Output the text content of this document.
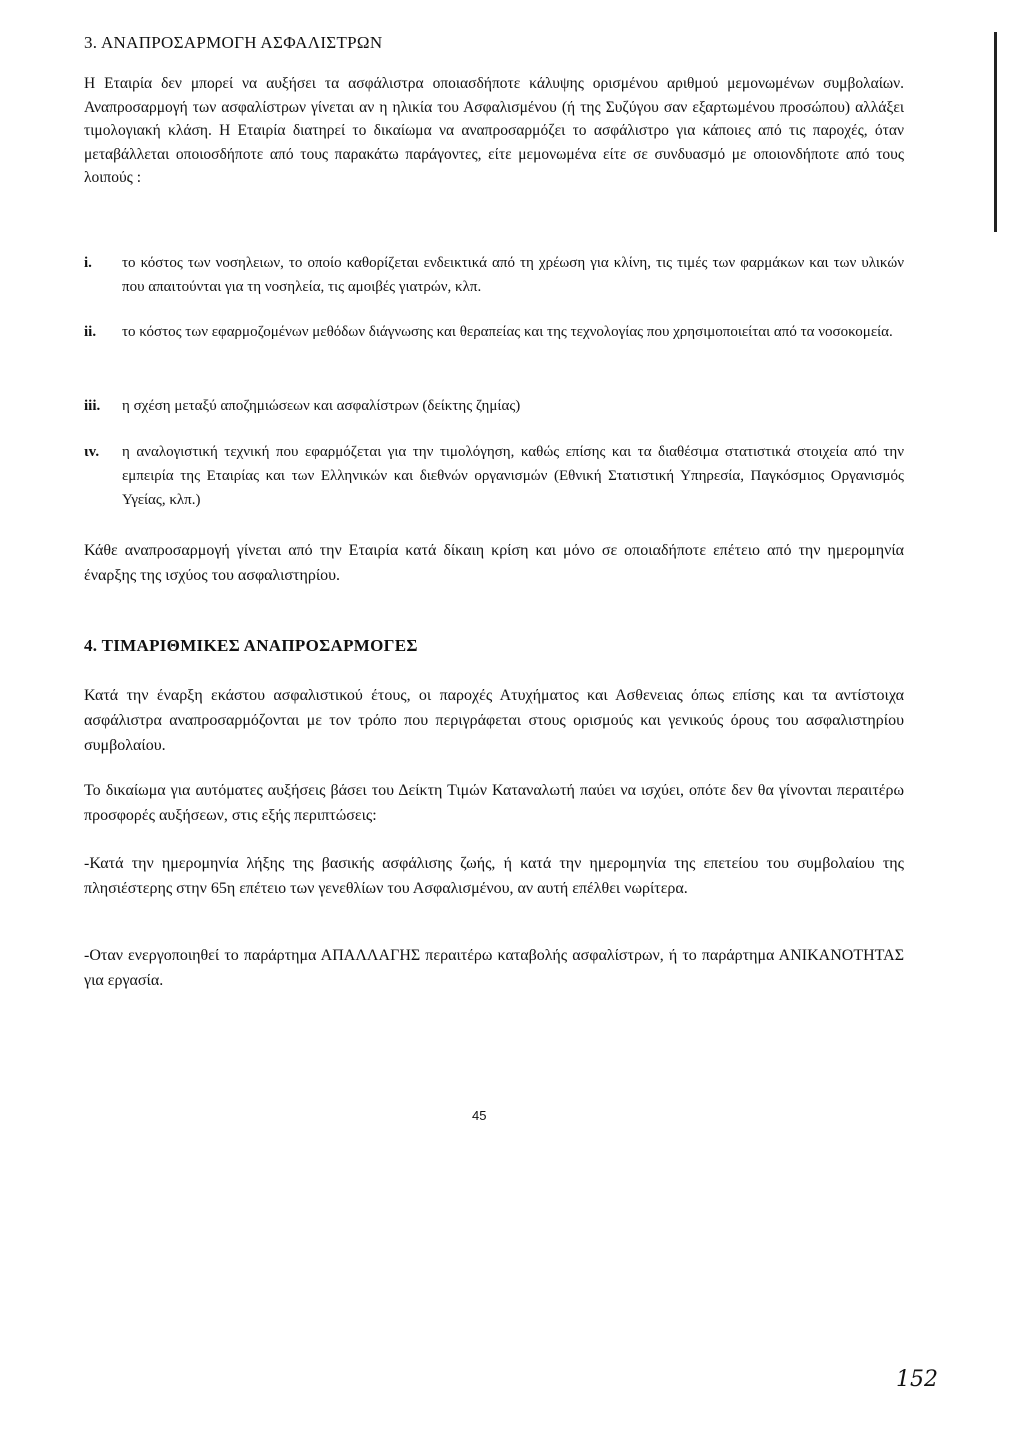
3. ΑΝΑΠΡΟΣΑΡΜΟΓΗ ΑΣΦΑΛΙΣΤΡΩΝ
Η Εταιρία δεν μπορεί να αυξήσει τα ασφάλιστρα οποιασδήποτε κάλυψης ορισμένου αριθμού μεμονωμένων συμβολαίων. Αναπροσαρμογή των ασφαλίστρων γίνεται αν η ηλικία του Ασφαλισμένου (ή της Συζύγου σαν εξαρτωμένου προσώπου) αλλάξει τιμολογιακή κλάση. Η Εταιρία διατηρεί το δικαίωμα να αναπροσαρμόζει το ασφάλιστρο για κάποιες από τις παροχές, όταν μεταβάλλεται οποιοσδήποτε από τους παρακάτω παράγοντες, είτε μεμονωμένα είτε σε συνδυασμό με οποιονδήποτε από τους λοιπούς :
i.	το κόστος των νοσηλειων, το οποίο καθορίζεται ενδεικτικά από τη χρέωση για κλίνη, τις τιμές των φαρμάκων και των υλικών που απαιτούνται για τη νοσηλεία, τις αμοιβές γιατρών, κλπ.
ii.	το κόστος των εφαρμοζομένων μεθόδων διάγνωσης και θεραπείας και της τεχνολογίας που χρησιμοποιείται από τα νοσοκομεία.
iii.	η σχέση μεταξύ αποζημιώσεων και ασφαλίστρων (δείκτης ζημίας)
ιv.	η αναλογιστική τεχνική που εφαρμόζεται για την τιμολόγηση, καθώς επίσης και τα διαθέσιμα στατιστικά στοιχεία από την εμπειρία της Εταιρίας και των Ελληνικών και διεθνών οργανισμών (Εθνική Στατιστική Υπηρεσία, Παγκόσμιος Οργανισμός Υγείας, κλπ.)
Κάθε αναπροσαρμογή γίνεται από την Εταιρία κατά δίκαιη κρίση και μόνο σε οποιαδήποτε επέτειο από την ημερομηνία έναρξης της ισχύος του ασφαλιστηρίου.
4. ΤΙΜΑΡΙΘΜΙΚΕΣ ΑΝΑΠΡΟΣΑΡΜΟΓΕΣ
Κατά την έναρξη εκάστου ασφαλιστικού έτους, οι παροχές Ατυχήματος και Ασθενειας όπως επίσης και τα αντίστοιχα ασφάλιστρα αναπροσαρμόζονται με τον τρόπο που περιγράφεται στους ορισμούς και γενικούς όρους του ασφαλιστηρίου συμβολαίου.
Το δικαίωμα για αυτόματες αυξήσεις βάσει του Δείκτη Τιμών Καταναλωτή παύει να ισχύει, οπότε δεν θα γίνονται περαιτέρω προσφορές αυξήσεων, στις εξής περιπτώσεις:
-Κατά την ημερομηνία λήξης της βασικής ασφάλισης ζωής, ή κατά την ημερομηνία της επετείου του συμβολαίου της πλησιέστερης στην 65η επέτειο των γενεθλίων του Ασφαλισμένου, αν αυτή επέλθει νωρίτερα.
-Οταν ενεργοποιηθεί το παράρτημα ΑΠΑΛΛΑΓΗΣ περαιτέρω καταβολής ασφαλίστρων, ή το παράρτημα ΑΝΙΚΑΝΟΤΗΤΑΣ για εργασία.
45
152
